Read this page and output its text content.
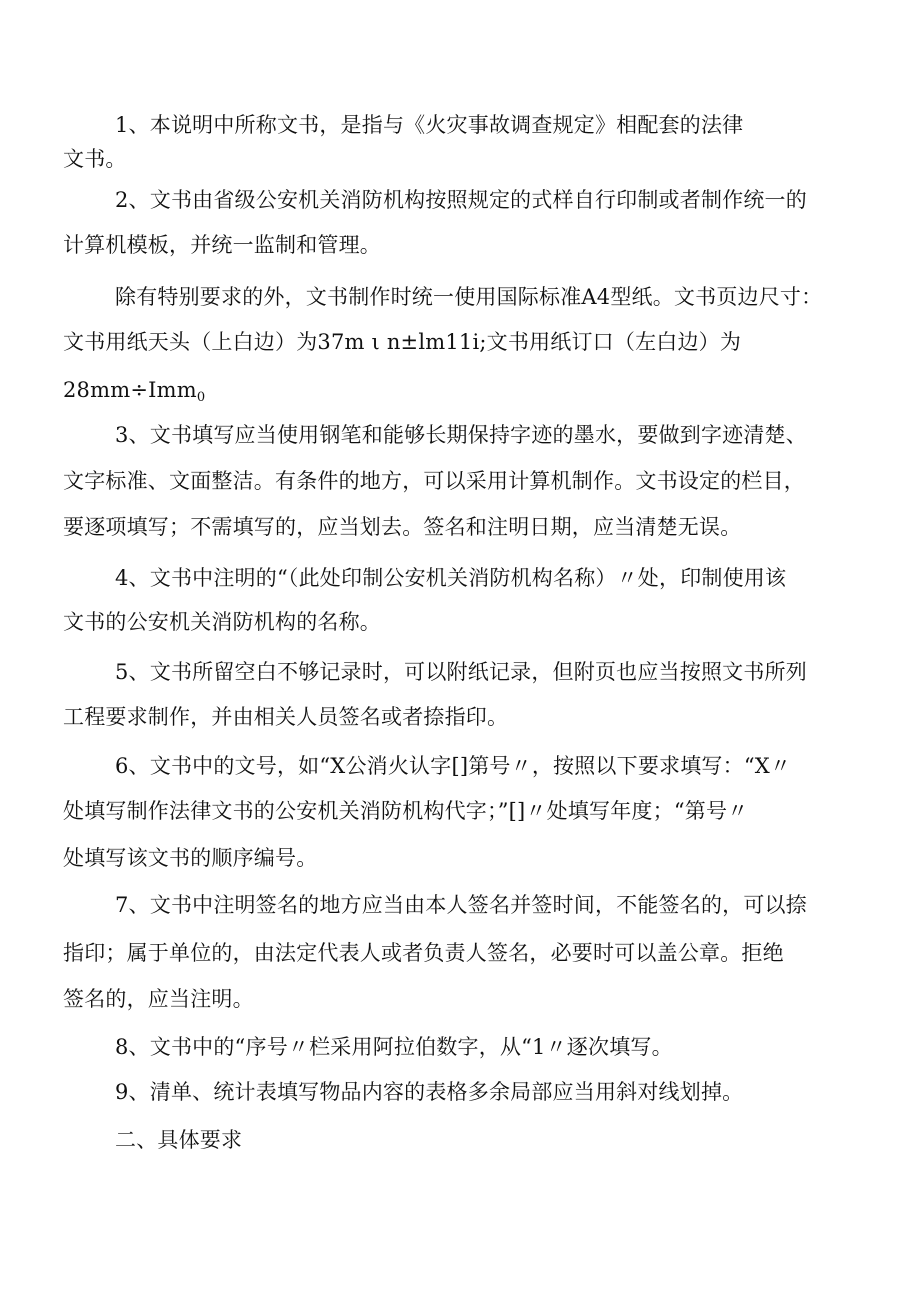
1、本说明中所称文书，是指与《火灾事故调查规定》相配套的法律
文书。
2、文书由省级公安机关消防机构按照规定的式样自行印制或者制作统一的
计算机模板，并统一监制和管理。
除有特别要求的外，文书制作时统一使用国际标准A4型纸。文书页边尺寸：
文书用纸天头（上白边）为37m ι n±lm11i;文书用纸订口（左白边）为
28mm÷Imm$_0$
3、文书填写应当使用钢笔和能够长期保持字迹的墨水，要做到字迹清楚、
文字标准、文面整洁。有条件的地方，可以采用计算机制作。文书设定的栏目，
要逐项填写；不需填写的，应当划去。签名和注明日期，应当清楚无误。
4、文书中注明的“（此处印制公安机关消防机构名称）〃处，印制使用该
文书的公安机关消防机构的名称。
5、文书所留空白不够记录时，可以附纸记录，但附页也应当按照文书所列
工程要求制作，并由相关人员签名或者捺指印。
6、文书中的文号，如“X公消火认字[]第号〃，按照以下要求填写：“X〃
处填写制作法律文书的公安机关消防机构代字；”[]〃处填写年度；“第号〃
处填写该文书的顺序编号。
7、文书中注明签名的地方应当由本人签名并签时间，不能签名的，可以捺
指印；属于单位的，由法定代表人或者负责人签名，必要时可以盖公章。拒绝
签名的，应当注明。
8、文书中的“序号〃栏采用阿拉伯数字，从“1〃逐次填写。
9、清单、统计表填写物品内容的表格多余局部应当用斜对线划掉。
二、具体要求
